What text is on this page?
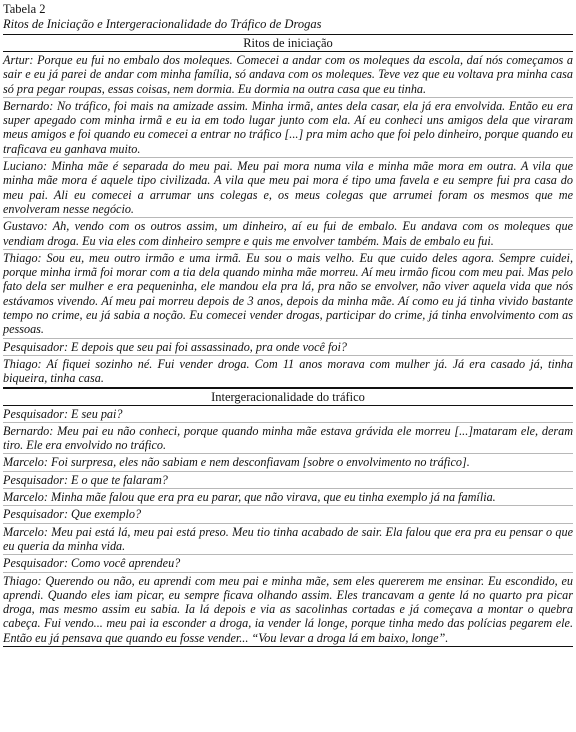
Tabela 2
Ritos de Iniciação e Intergeracionalidade do Tráfico de Drogas
Ritos de iniciação
Artur: Porque eu fui no embalo dos moleques. Comecei a andar com os moleques da escola, daí nós começamos a sair e eu já parei de andar com minha família, só andava com os moleques. Teve vez que eu voltava pra minha casa só pra pegar roupas, essas coisas, nem dormia. Eu dormia na outra casa que eu tinha.
Bernardo: No tráfico, foi mais na amizade assim. Minha irmã, antes dela casar, ela já era envolvida. Então eu era super apegado com minha irmã e eu ia em todo lugar junto com ela. Aí eu conheci uns amigos dela que viraram meus amigos e foi quando eu comecei a entrar no tráfico [...] pra mim acho que foi pelo dinheiro, porque quando eu traficava eu ganhava muito.
Luciano: Minha mãe é separada do meu pai. Meu pai mora numa vila e minha mãe mora em outra. A vila que minha mãe mora é aquele tipo civilizada. A vila que meu pai mora é tipo uma favela e eu sempre fui pra casa do meu pai. Ali eu comecei a arrumar uns colegas e, os meus colegas que arrumei foram os mesmos que me envolveram nesse negócio.
Gustavo: Ah, vendo com os outros assim, um dinheiro, aí eu fui de embalo. Eu andava com os moleques que vendiam droga. Eu via eles com dinheiro sempre e quis me envolver também. Mais de embalo eu fui.
Thiago: Sou eu, meu outro irmão e uma irmã. Eu sou o mais velho. Eu que cuido deles agora. Sempre cuidei, porque minha irmã foi morar com a tia dela quando minha mãe morreu. Aí meu irmão ficou com meu pai. Mas pelo fato dela ser mulher e era pequeninha, ele mandou ela pra lá, pra não se envolver, não viver aquela vida que nós estávamos vivendo. Aí meu pai morreu depois de 3 anos, depois da minha mãe. Aí como eu já tinha vivido bastante tempo no crime, eu já sabia a noção. Eu comecei vender drogas, participar do crime, já tinha envolvimento com as pessoas.
Pesquisador: E depois que seu pai foi assassinado, pra onde você foi?
Thiago: Aí fiquei sozinho né. Fui vender droga. Com 11 anos morava com mulher já. Já era casado já, tinha biqueira, tinha casa.
Intergeracionalidade do tráfico
Pesquisador: E seu pai?
Bernardo: Meu pai eu não conheci, porque quando minha mãe estava grávida ele morreu [...]mataram ele, deram tiro. Ele era envolvido no tráfico.
Marcelo: Foi surpresa, eles não sabiam e nem desconfiavam [sobre o envolvimento no tráfico].
Pesquisador: E o que te falaram?
Marcelo: Minha mãe falou que era pra eu parar, que não virava, que eu tinha exemplo já na família.
Pesquisador: Que exemplo?
Marcelo: Meu pai está lá, meu pai está preso. Meu tio tinha acabado de sair. Ela falou que era pra eu pensar o que eu queria da minha vida.
Pesquisador: Como você aprendeu?
Thiago: Querendo ou não, eu aprendi com meu pai e minha mãe, sem eles quererem me ensinar. Eu escondido, eu aprendi. Quando eles iam picar, eu sempre ficava olhando assim. Eles trancavam a gente lá no quarto pra picar droga, mas mesmo assim eu sabia. Ia lá depois e via as sacolinhas cortadas e já começava a montar o quebra cabeça. Fui vendo... meu pai ia esconder a droga, ia vender lá longe, porque tinha medo das polícias pegarem ele. Então eu já pensava que quando eu fosse vender... “Vou levar a droga lá em baixo, longe”.
